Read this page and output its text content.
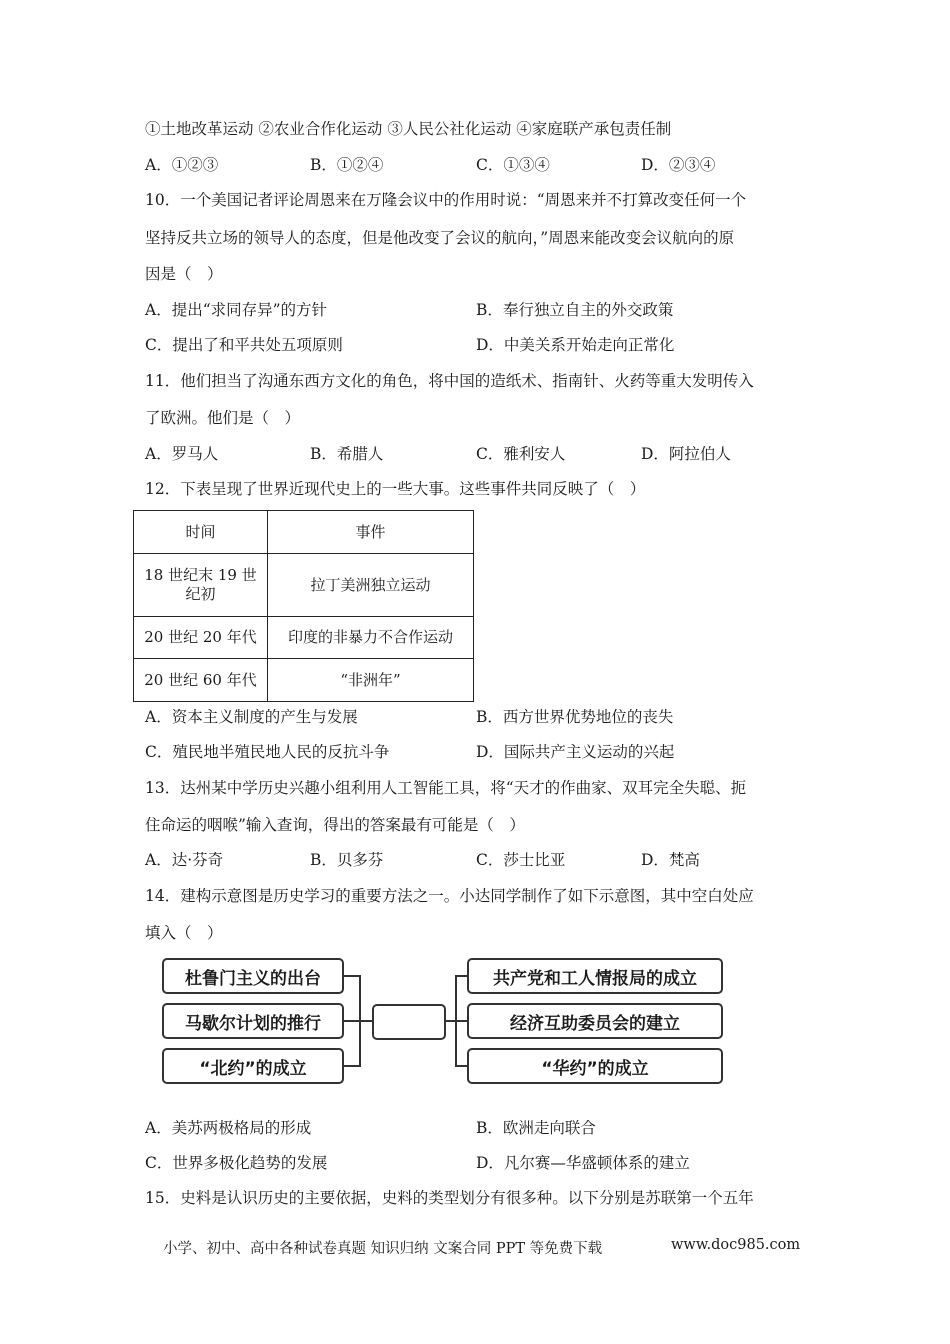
①土地改革运动 ②农业合作化运动 ③人民公社化运动 ④家庭联产承包责任制
A．①②③	B．①②④	C．①③④	D．②③④
10．一个美国记者评论周恩来在万隆会议中的作用时说：“周恩来并不打算改变任何一个
坚持反共立场的领导人的态度，但是他改变了会议的航向，”周恩来能改变会议航向的原
因是（　）
A．提出“求同存异”的方针	B．奉行独立自主的外交政策
C．提出了和平共处五项原则	D．中美关系开始走向正常化
11．他们担当了沟通东西方文化的角色，将中国的造纸术、指南针、火药等重大发明传入
了欧洲。他们是（　）
A．罗马人	B．希腊人	C．雅利安人	D．阿拉伯人
12．下表呈现了世界近现代史上的一些大事。这些事件共同反映了（　）
时间	事件

18 世纪末 19 世
纪初	拉丁美洲独立运动
20 世纪 20 年代	印度的非暴力不合作运动
20 世纪 60 年代	“非洲年”
A．资本主义制度的产生与发展	B．西方世界优势地位的丧失
C．殖民地半殖民地人民的反抗斗争	D．国际共产主义运动的兴起
13．达州某中学历史兴趣小组利用人工智能工具，将“天才的作曲家、双耳完全失聪、扼
住命运的咽喉”输入查询，得出的答案最有可能是（　）
A．达·芬奇	B．贝多芬	C．莎士比亚	D．梵高
14．建构示意图是历史学习的重要方法之一。小达同学制作了如下示意图，其中空白处应
填入（　）
杜鲁门主义的出台
马歇尔计划的推行
“北约”的成立
共产党和工人情报局的成立
经济互助委员会的建立
“华约”的成立
A．美苏两极格局的形成	B．欧洲走向联合
C．世界多极化趋势的发展	D．凡尔赛—华盛顿体系的建立
15．史料是认识历史的主要依据，史料的类型划分有很多种。以下分别是苏联第一个五年
小学、初中、高中各种试卷真题 知识归纳 文案合同 PPT 等免费下载	www.doc985.com
